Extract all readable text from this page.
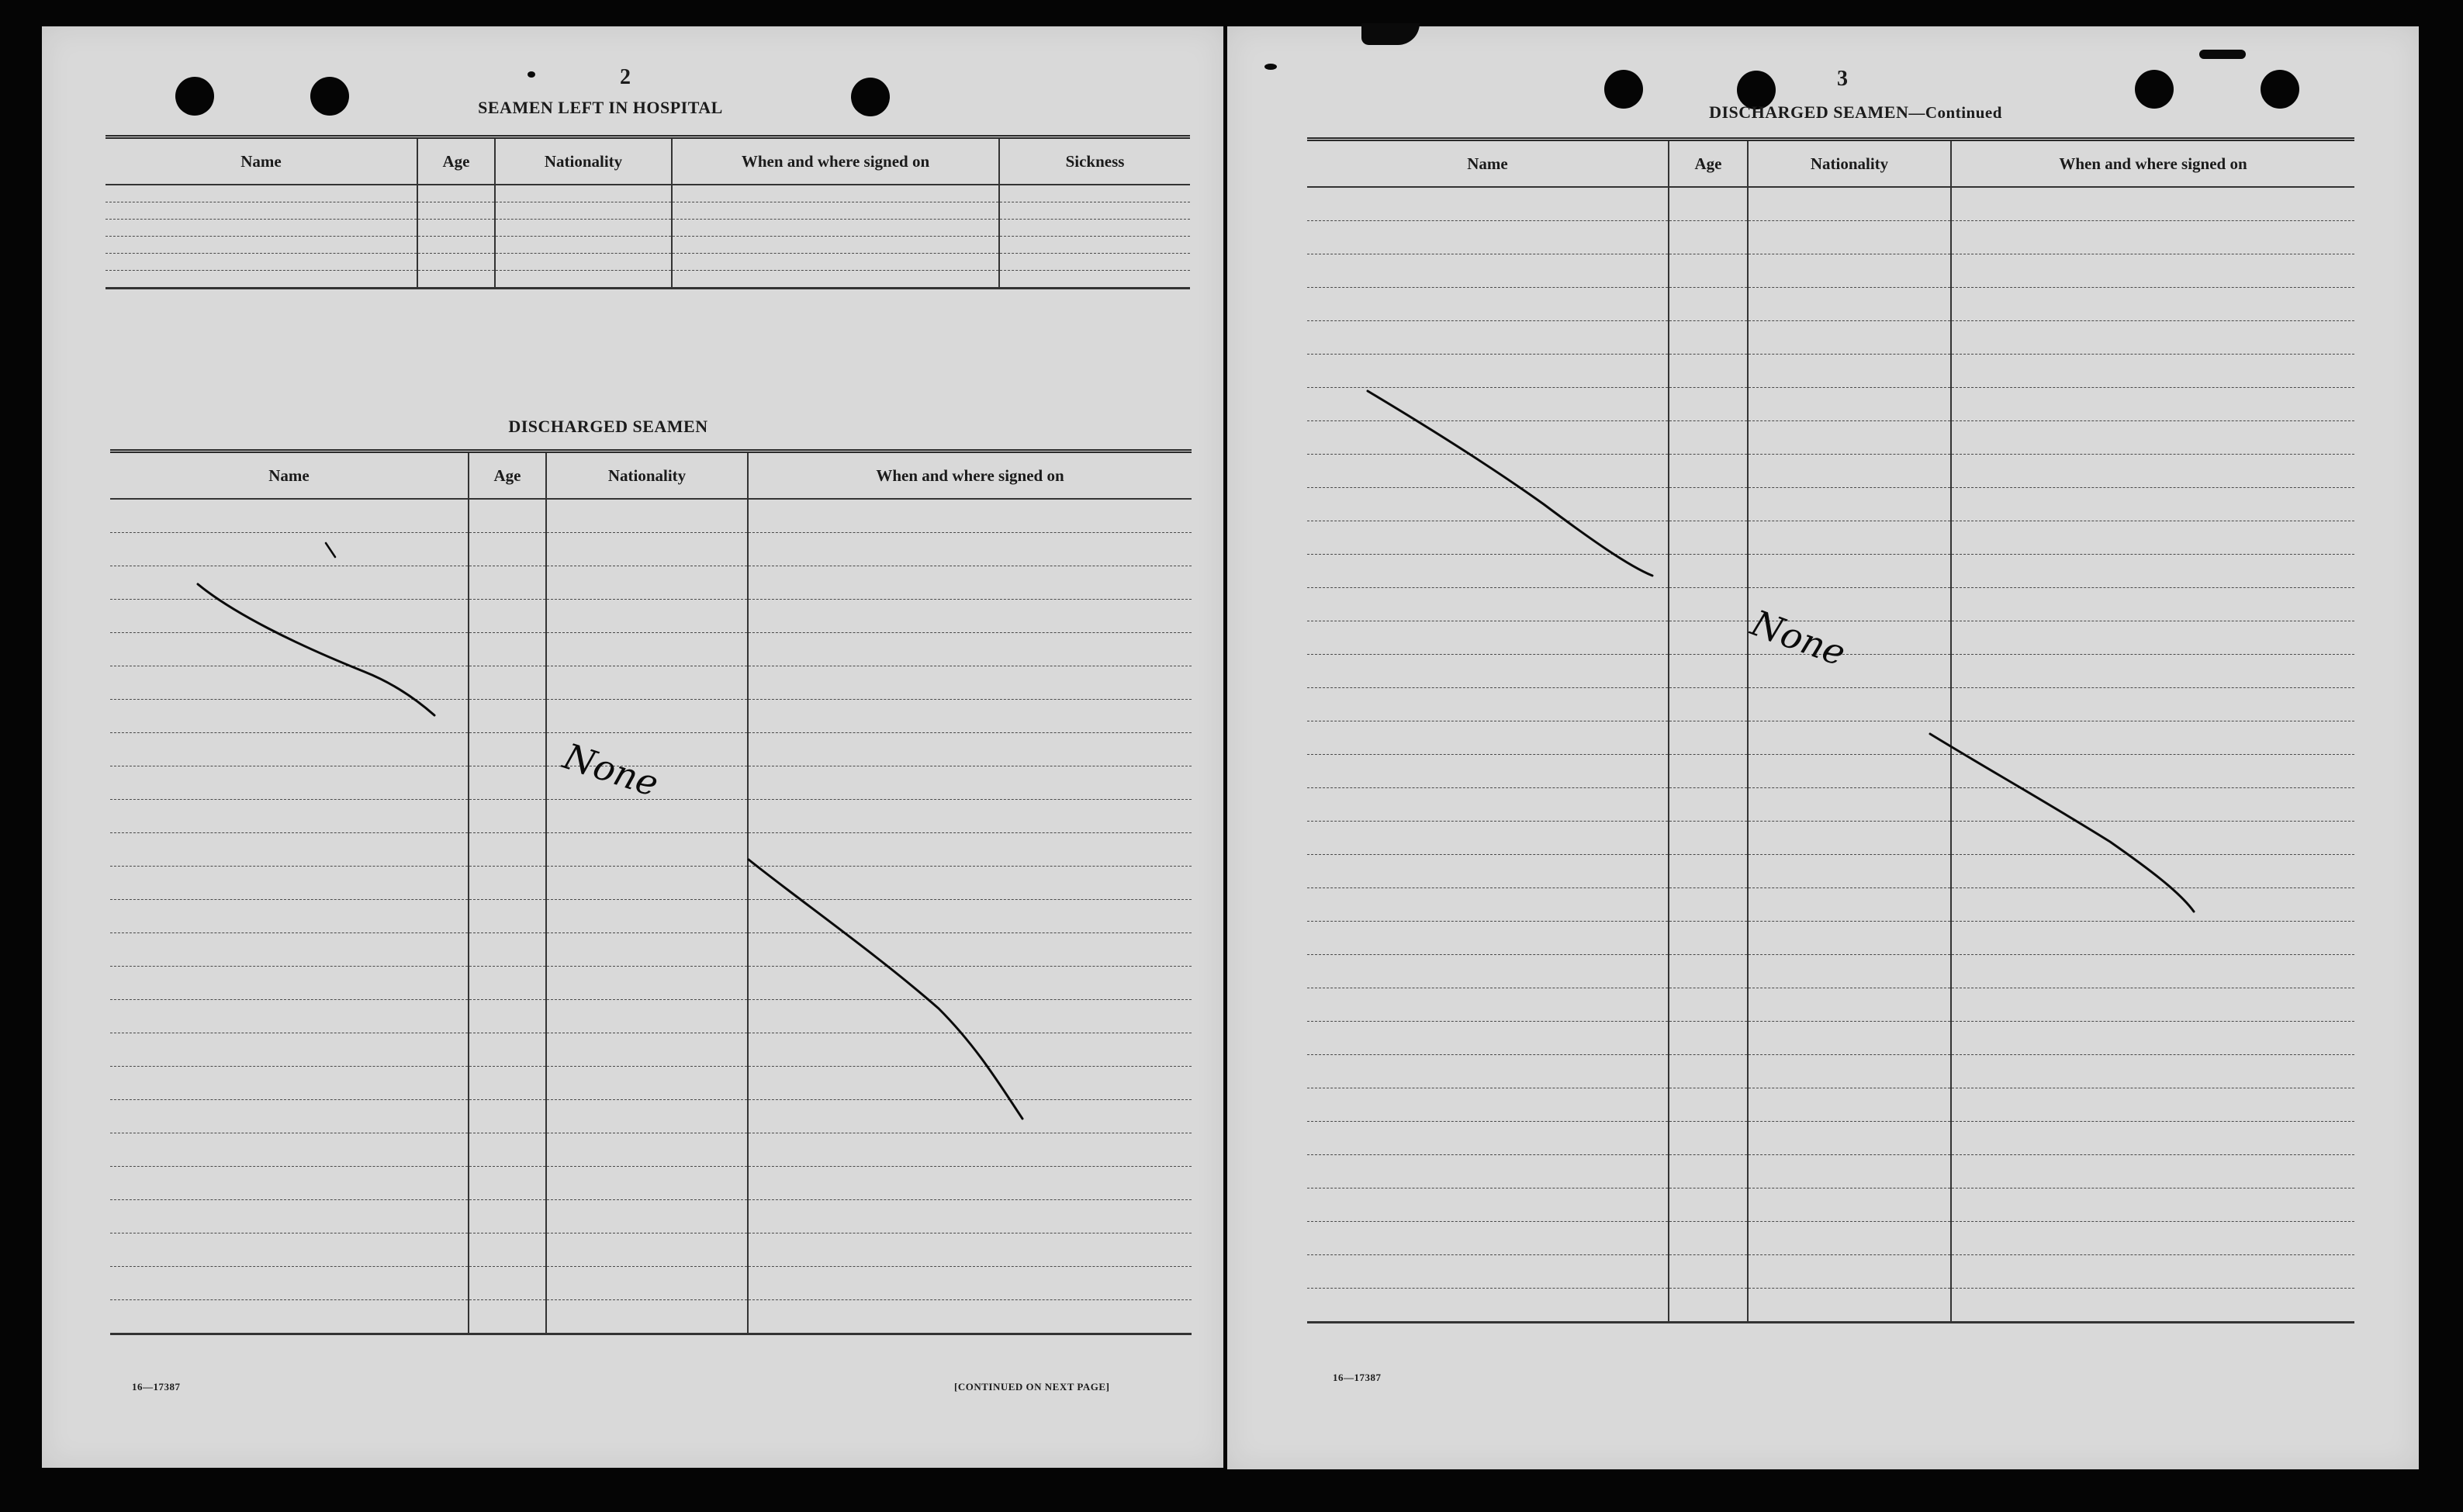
2
SEAMEN LEFT IN HOSPITAL
Name	Age	Nationality	When and where signed on	Sickness

DISCHARGED SEAMEN
Name	Age	Nationality	When and where signed on

16—17387	[CONTINUED ON NEXT PAGE]
3
DISCHARGED SEAMEN—Continued
Name	Age	Nationality	When and where signed on

16—17387
None
None
